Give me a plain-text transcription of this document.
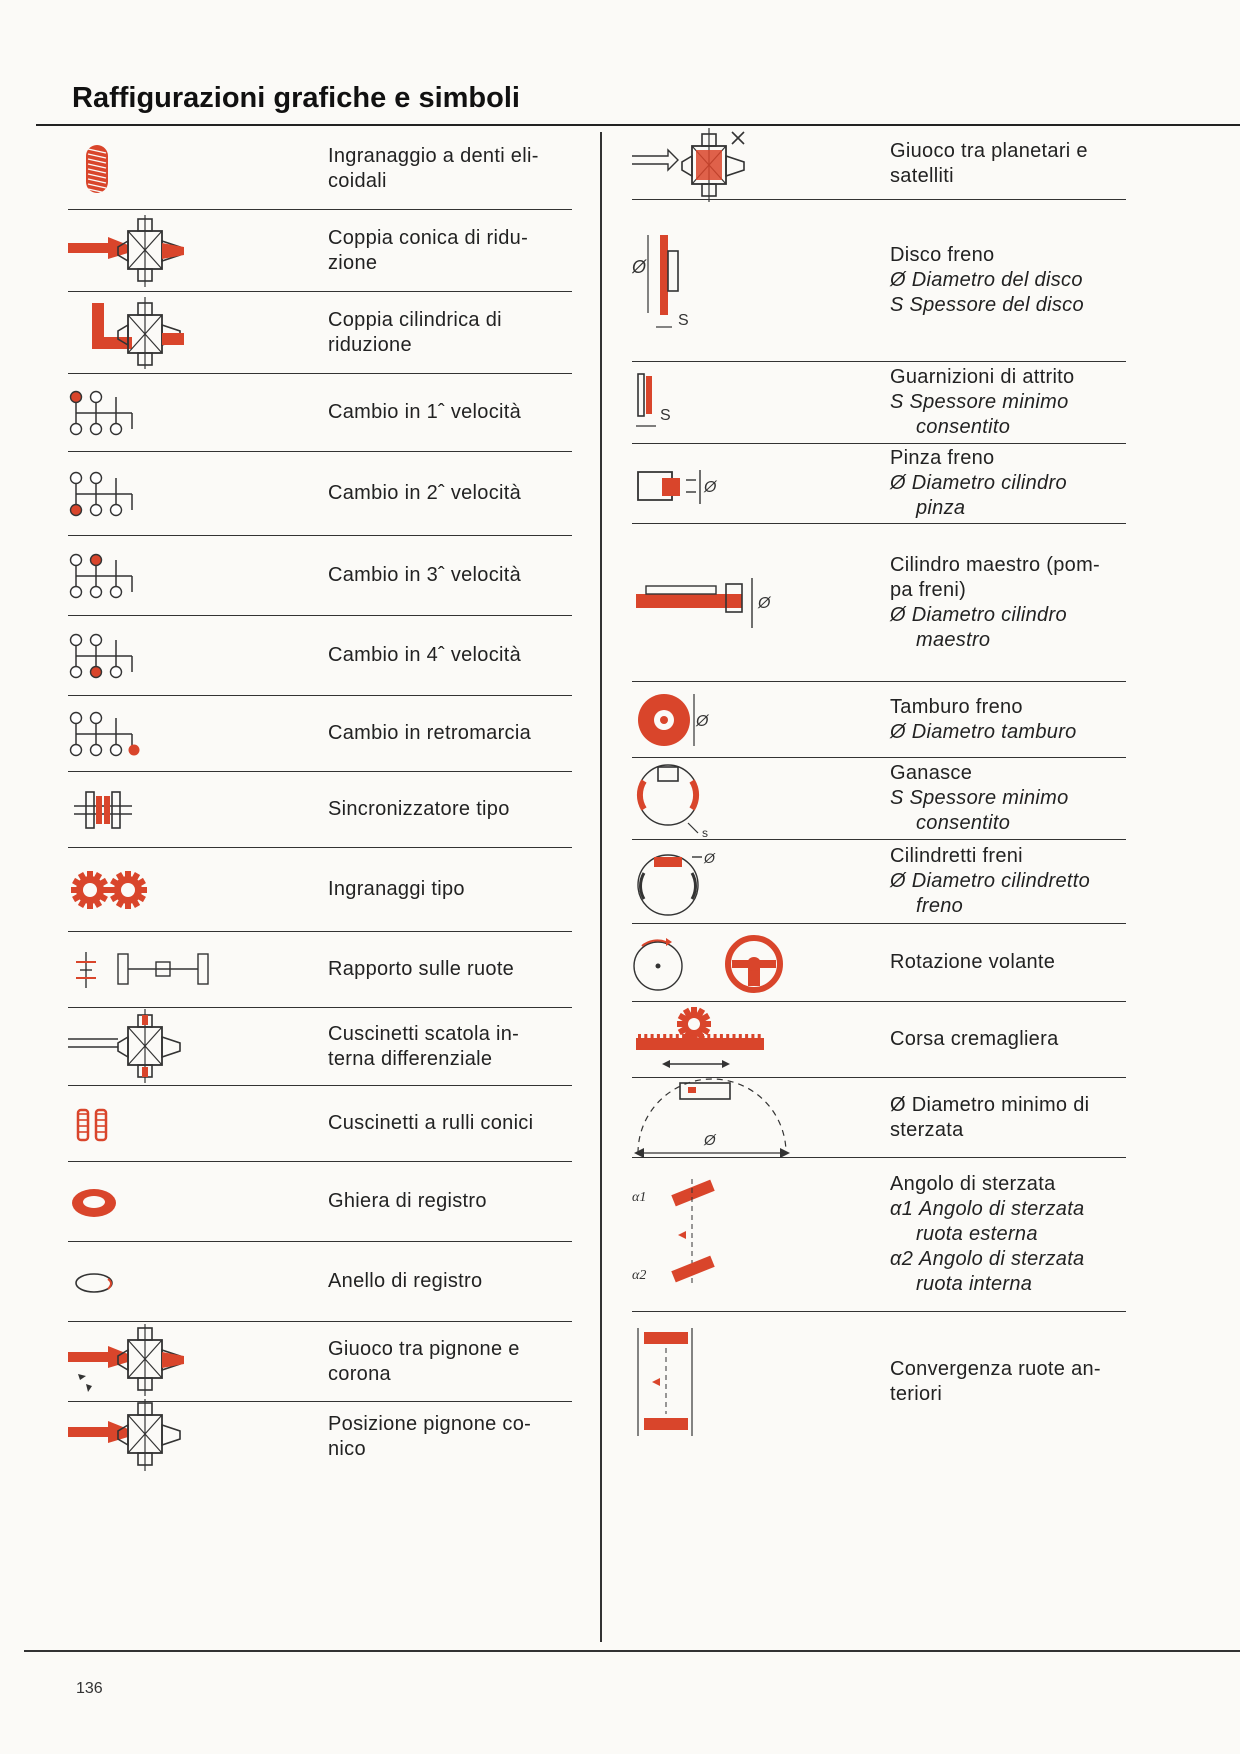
Raffigurazioni grafiche e simboli
Ingranaggio a denti eli-
coidali
Coppia conica di ridu-
zione
Coppia cilindrica di
riduzione
Cambio in 1ˆ velocità
Cambio in 2ˆ velocità
Cambio in 3ˆ velocità
Cambio in 4ˆ velocità
Cambio in retromarcia
Sincronizzatore tipo
Ingranaggi tipo
Rapporto sulle ruote
Cuscinetti scatola in-
terna differenziale
Cuscinetti a rulli conici
Ghiera di registro
Anello di registro
Giuoco tra pignone e
corona
Posizione pignone co-
nico
Giuoco tra planetari e
satelliti
Ø
S
Disco freno
Ø Diametro del disco
S Spessore del disco
S
Guarnizioni di attrito
S Spessore minimo
consentito
Ø
Pinza freno
Ø Diametro cilindro
pinza
Ø
Cilindro maestro (pom-
pa freni)
Ø Diametro cilindro
maestro
Ø
Tamburo freno
Ø Diametro tamburo
s
Ganasce
S Spessore minimo
consentito
Ø	Cilindretti freni
Ø Diametro cilindretto
freno
Rotazione volante
Corsa cremagliera
Ø
Ø Diametro minimo di
sterzata
α1
α2
Angolo di sterzata
α1 Angolo di sterzata
ruota esterna
α2 Angolo di sterzata
ruota interna
Convergenza ruote an-
teriori
136
